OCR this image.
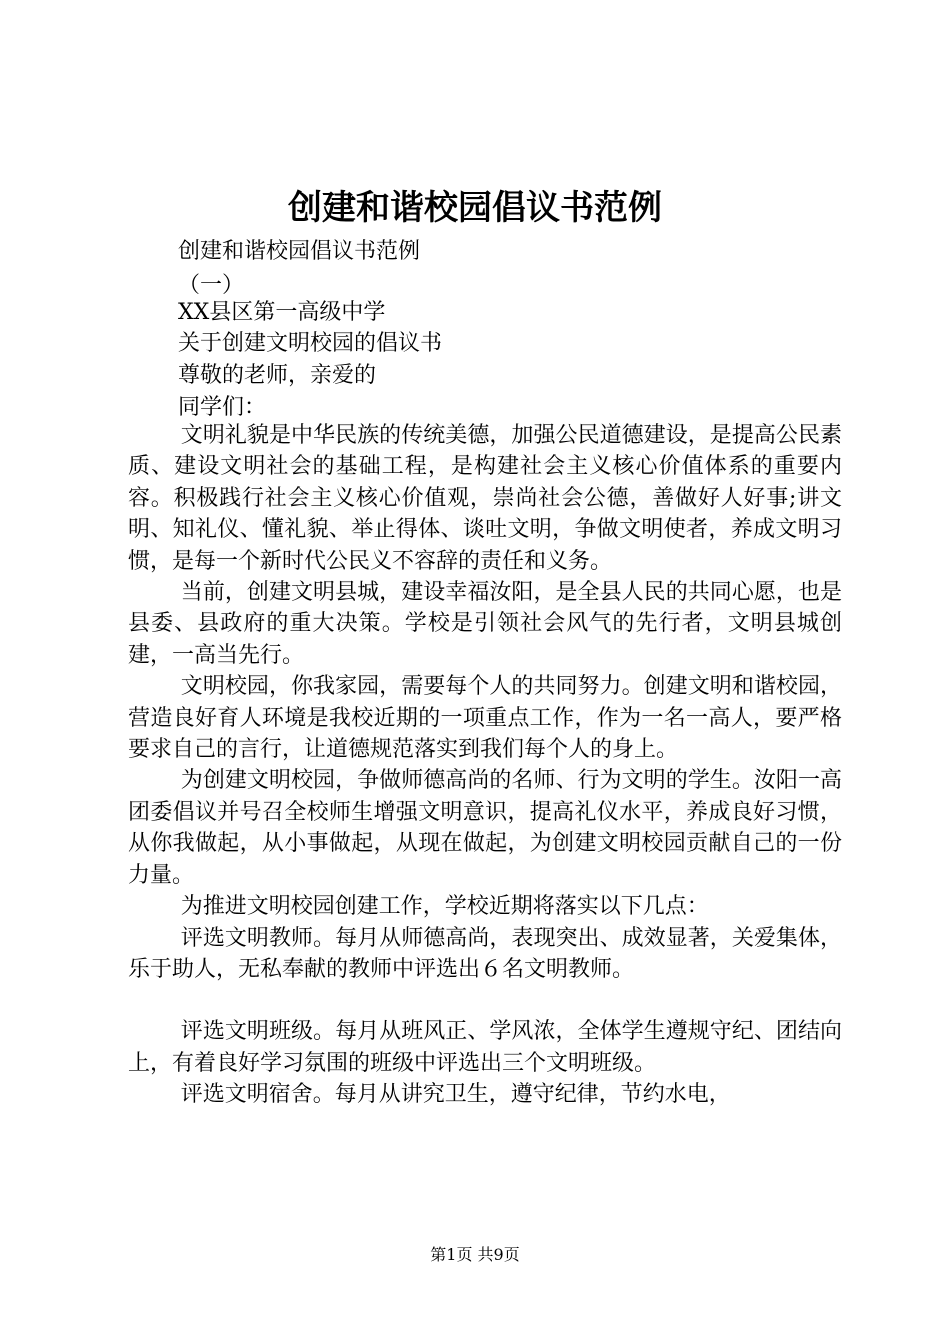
创建和谐校园倡议书范例
创建和谐校园倡议书范例
（一）
XX县区第一高级中学
关于创建文明校园的倡议书
尊敬的老师，亲爱的
同学们：

文明礼貌是中华民族的传统美德，加强公民道德建设，是提高公民素质、建设文明社会的基础工程，是构建社会主义核心价值体系的重要内容。积极践行社会主义核心价值观，崇尚社会公德，善做好人好事;讲文明、知礼仪、懂礼貌、举止得体、谈吐文明，争做文明使者，养成文明习惯，是每一个新时代公民义不容辞的责任和义务。

当前，创建文明县城，建设幸福汝阳，是全县人民的共同心愿，也是县委、县政府的重大决策。学校是引领社会风气的先行者，文明县城创建，一高当先行。

文明校园，你我家园，需要每个人的共同努力。创建文明和谐校园，营造良好育人环境是我校近期的一项重点工作，作为一名一高人，要严格要求自己的言行，让道德规范落实到我们每个人的身上。

为创建文明校园，争做师德高尚的名师、行为文明的学生。汝阳一高团委倡议并号召全校师生增强文明意识，提高礼仪水平，养成良好习惯，从你我做起，从小事做起，从现在做起，为创建文明校园贡献自己的一份力量。

为推进文明校园创建工作，学校近期将落实以下几点：

评选文明教师。每月从师德高尚，表现突出、成效显著，关爱集体，乐于助人，无私奉献的教师中评选出６名文明教师。

评选文明班级。每月从班风正、学风浓，全体学生遵规守纪、团结向上，有着良好学习氛围的班级中评选出三个文明班级。

评选文明宿舍。每月从讲究卫生，遵守纪律，节约水电，

第1页 共9页
